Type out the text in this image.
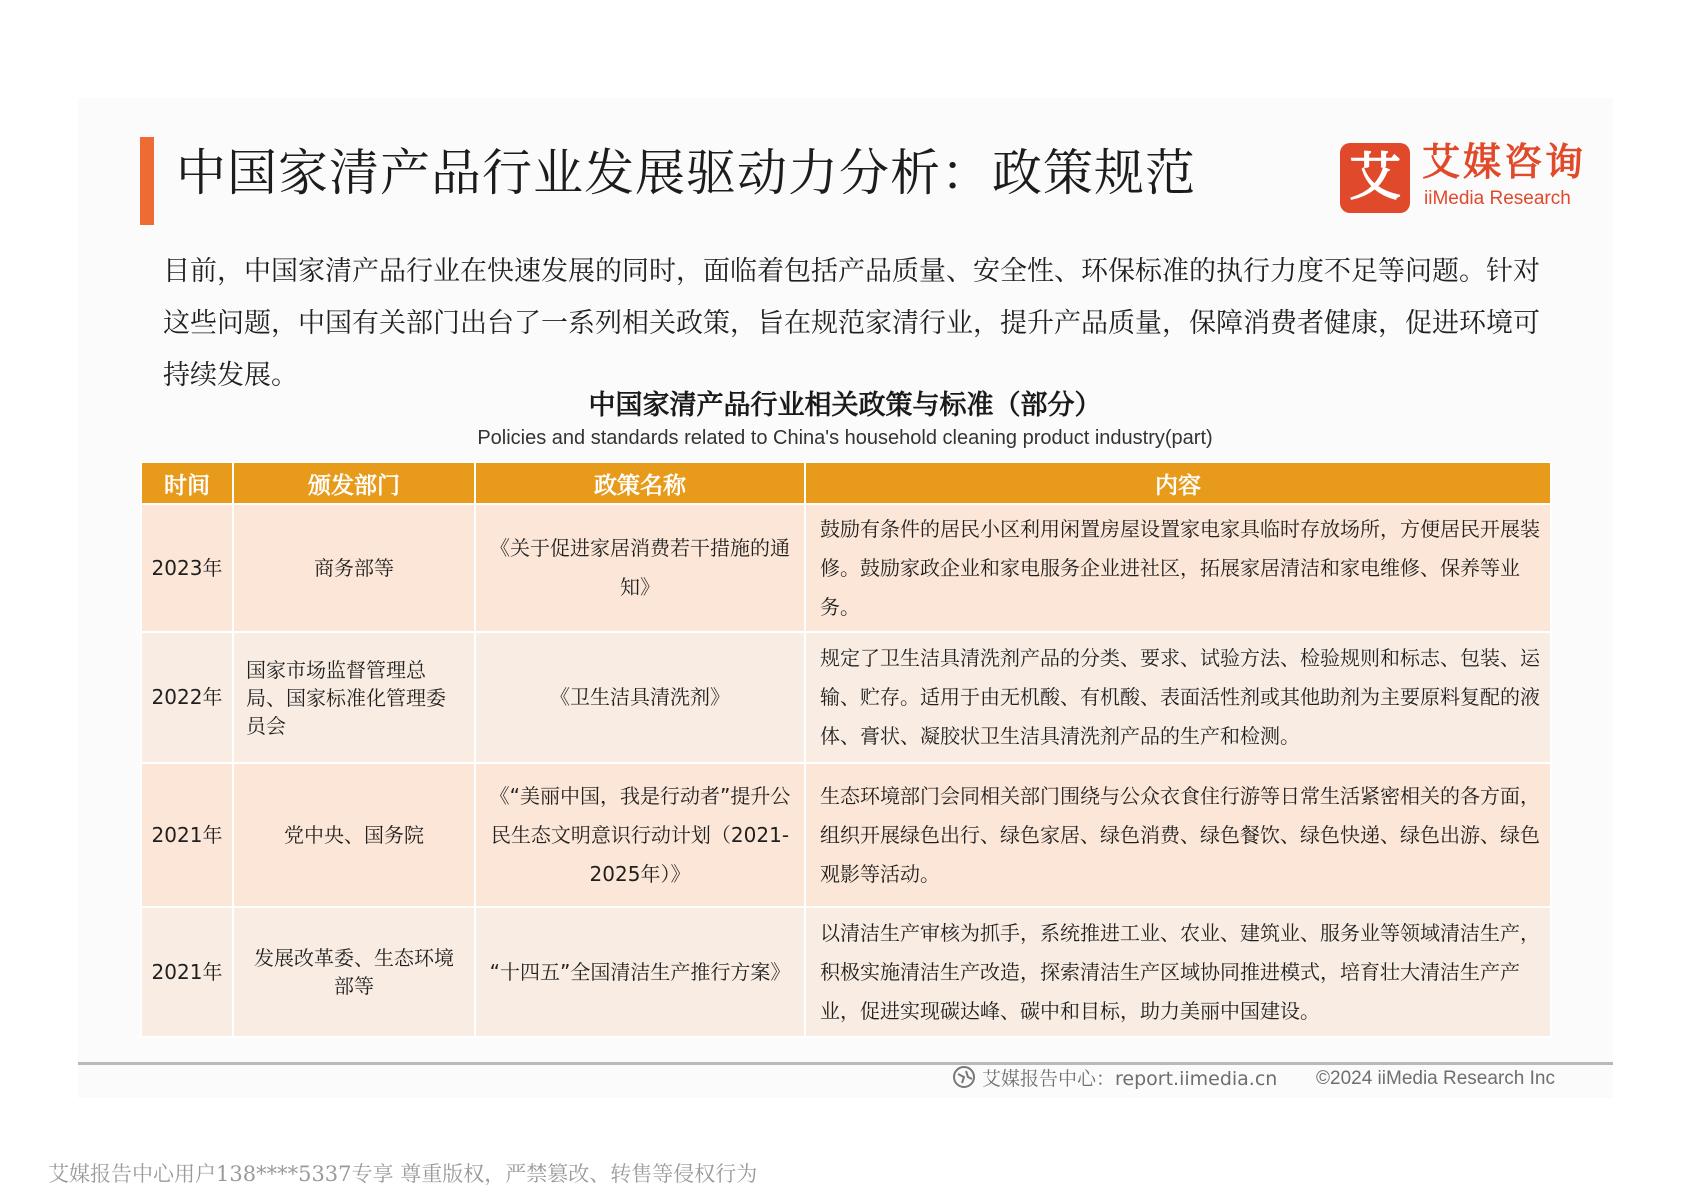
中国家清产品行业发展驱动力分析：政策规范	艾 艾媒咨询
iiMedia Research

目前，中国家清产品行业在快速发展的同时，面临着包括产品质量、安全性、环保标准的执行力度不足等问题。针对这些问题，中国有关部门出台了一系列相关政策，旨在规范家清行业，提升产品质量，保障消费者健康，促进环境可持续发展。

中国家清产品行业相关政策与标准（部分）
Policies and standards related to China's household cleaning product industry(part)
时间	颁发部门	政策名称	内容
2023年	商务部等	《关于促进家居消费若干措施的通知》	鼓励有条件的居民小区利用闲置房屋设置家电家具临时存放场所，方便居民开展装修。鼓励家政企业和家电服务企业进社区，拓展家居清洁和家电维修、保养等业务。
2022年	国家市场监督管理总局、国家标准化管理委员会	《卫生洁具清洗剂》	规定了卫生洁具清洗剂产品的分类、要求、试验方法、检验规则和标志、包装、运输、贮存。适用于由无机酸、有机酸、表面活性剂或其他助剂为主要原料复配的液体、膏状、凝胶状卫生洁具清洗剂产品的生产和检测。
2021年	党中央、国务院	《“美丽中国，我是行动者”提升公民生态文明意识行动计划（2021-2025年）》	生态环境部门会同相关部门围绕与公众衣食住行游等日常生活紧密相关的各方面，组织开展绿色出行、绿色家居、绿色消费、绿色餐饮、绿色快递、绿色出游、绿色观影等活动。
2021年	发展改革委、生态环境部等	“十四五”全国清洁生产推行方案》	以清洁生产审核为抓手，系统推进工业、农业、建筑业、服务业等领域清洁生产，积极实施清洁生产改造，探索清洁生产区域协同推进模式，培育壮大清洁生产产业，促进实现碳达峰、碳中和目标，助力美丽中国建设。
艾媒报告中心：report.iimedia.cn ©2024 iiMedia Research Inc
艾媒报告中心用户138****5337专享 尊重版权，严禁篡改、转售等侵权行为
